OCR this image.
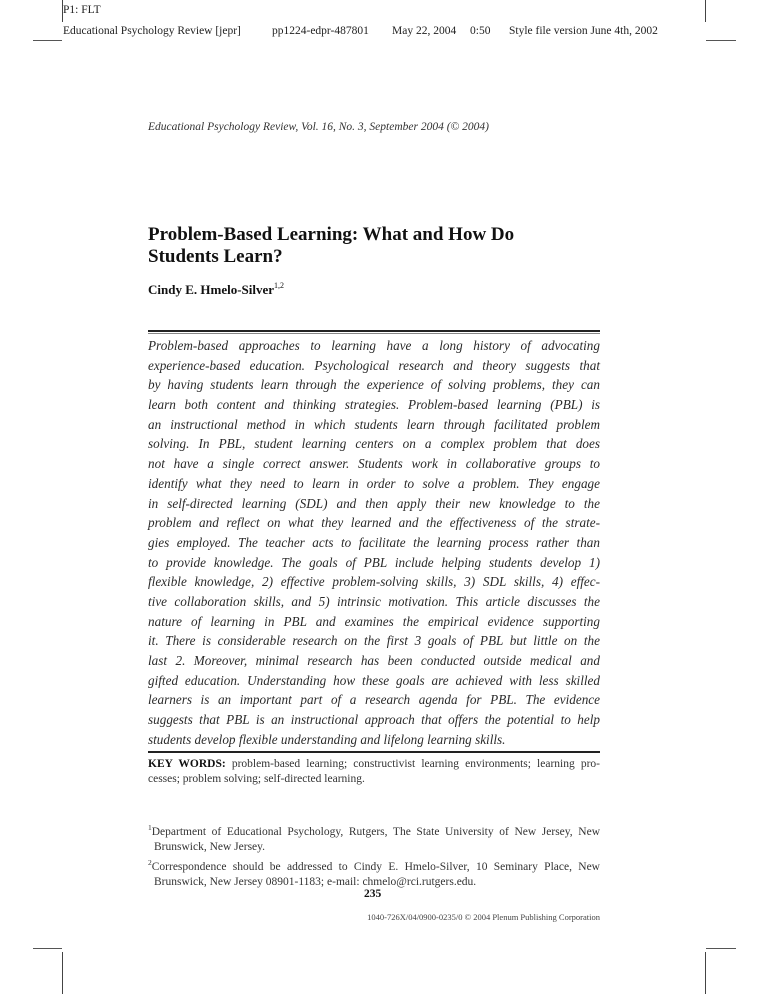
P1: FLT
Educational Psychology Review [jepr]	pp1224-edpr-487801 May 22, 2004 0:50 Style file version June 4th, 2002
Educational Psychology Review, Vol. 16, No. 3, September 2004 (© 2004)
Problem-Based Learning: What and How Do
Students Learn?
Cindy E. Hmelo-Silver$^{1,2}$
Problem-based approaches to learning have a long history of advocating
experience-based education. Psychological research and theory suggests that
by having students learn through the experience of solving problems, they can
learn both content and thinking strategies. Problem-based learning (PBL) is
an instructional method in which students learn through facilitated problem
solving. In PBL, student learning centers on a complex problem that does
not have a single correct answer. Students work in collaborative groups to
identify what they need to learn in order to solve a problem. They engage
in self-directed learning (SDL) and then apply their new knowledge to the
problem and reflect on what they learned and the effectiveness of the strate-
gies employed. The teacher acts to facilitate the learning process rather than
to provide knowledge. The goals of PBL include helping students develop 1)
flexible knowledge, 2) effective problem-solving skills, 3) SDL skills, 4) effec-
tive collaboration skills, and 5) intrinsic motivation. This article discusses the
nature of learning in PBL and examines the empirical evidence supporting
it. There is considerable research on the first 3 goals of PBL but little on the
last 2. Moreover, minimal research has been conducted outside medical and
gifted education. Understanding how these goals are achieved with less skilled
learners is an important part of a research agenda for PBL. The evidence
suggests that PBL is an instructional approach that offers the potential to help
students develop flexible understanding and lifelong learning skills.
KEY WORDS: problem-based learning; constructivist learning environments; learning pro-
cesses; problem solving; self-directed learning.
$^1$Department of Educational Psychology, Rutgers, The State University of New Jersey, New
Brunswick, New Jersey.
$^2$Correspondence should be addressed to Cindy E. Hmelo-Silver, 10 Seminary Place, New
Brunswick, New Jersey 08901-1183; e-mail: chmelo@rci.rutgers.edu.
235
1040-726X/04/0900-0235/0 © 2004 Plenum Publishing Corporation
